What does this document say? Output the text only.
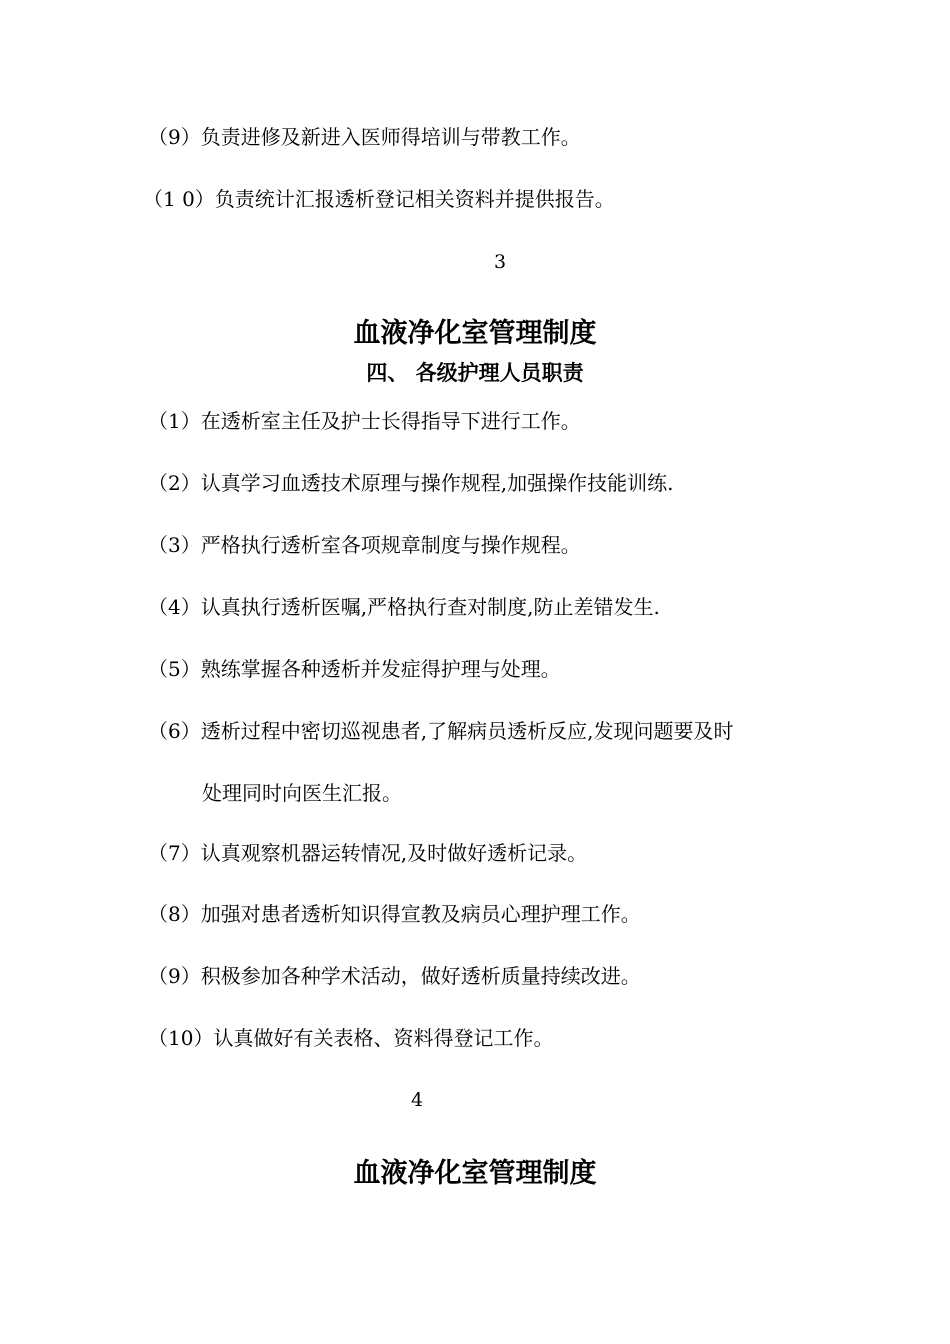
（9）负责进修及新进入医师得培训与带教工作。
（1 0）负责统计汇报透析登记相关资料并提供报告。
3
血液净化室管理制度
四、 各级护理人员职责
（1）在透析室主任及护士长得指导下进行工作。
（2）认真学习血透技术原理与操作规程,加强操作技能训练.
（3）严格执行透析室各项规章制度与操作规程。
（4）认真执行透析医嘱,严格执行查对制度,防止差错发生.
（5）熟练掌握各种透析并发症得护理与处理。
（6）透析过程中密切巡视患者,了解病员透析反应,发现问题要及时
处理同时向医生汇报。
（7）认真观察机器运转情况,及时做好透析记录。
（8）加强对患者透析知识得宣教及病员心理护理工作。
（9）积极参加各种学术活动，做好透析质量持续改进。
（10）认真做好有关表格、资料得登记工作。
4
血液净化室管理制度
